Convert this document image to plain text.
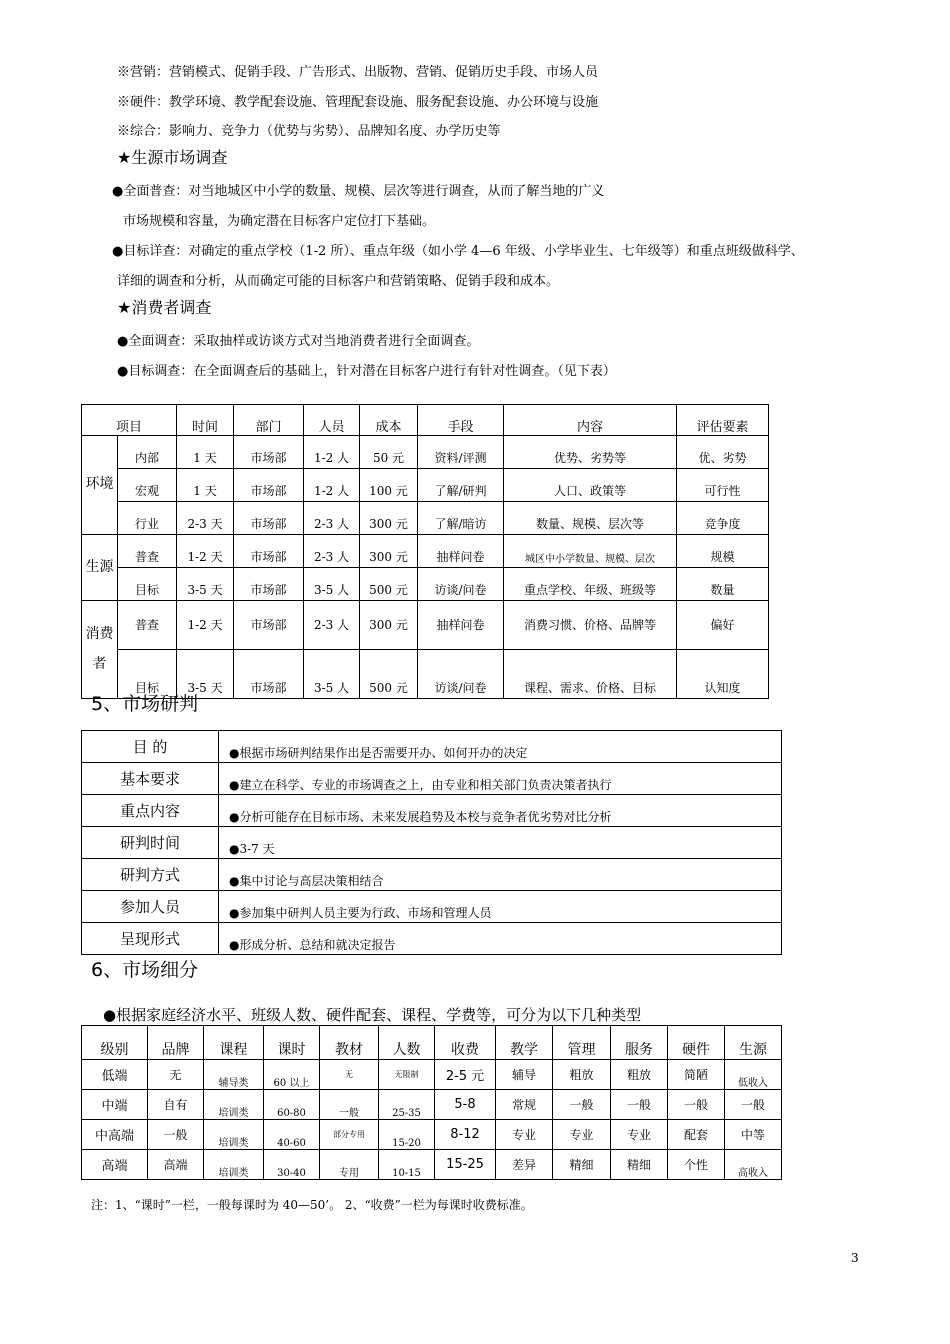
※营销：营销模式、促销手段、广告形式、出版物、营销、促销历史手段、市场人员
※硬件：教学环境、教学配套设施、管理配套设施、服务配套设施、办公环境与设施
※综合：影响力、竞争力（优势与劣势）、品牌知名度、办学历史等
★生源市场调查
●全面普查：对当地城区中小学的数量、规模、层次等进行调查，从而了解当地的广义
市场规模和容量，为确定潜在目标客户定位打下基础。
●目标详查：对确定的重点学校（1-2 所）、重点年级（如小学 4—6 年级、小学毕业生、七年级等）和重点班级做科学、
详细的调查和分析，从而确定可能的目标客户和营销策略、促销手段和成本。
★消费者调查
●全面调查：采取抽样或访谈方式对当地消费者进行全面调查。
●目标调查：在全面调查后的基础上，针对潜在目标客户进行有针对性调查。（见下表）
项目		时间	部门	人员	成本	手段	内容	评估要素
环境	内部	1 天	市场部	1-2 人	50 元	资料/评测	优势、劣势等	优、劣势
	宏观	1 天	市场部	1-2 人	100 元	了解/研判	人口、政策等	可行性
	行业	2-3 天	市场部	2-3 人	300 元	了解/暗访	数量、规模、层次等	竞争度
生源	普查	1-2 天	市场部	2-3 人	300 元	抽样问卷	城区中小学数量、规模、层次	规模
	目标	3-5 天	市场部	3-5 人	500 元	访谈/问卷	重点学校、年级、班级等	数量
消费者	普查	1-2 天	市场部	2-3 人	300 元	抽样问卷	消费习惯、价格、品牌等	偏好
	目标	3-5 天	市场部	3-5 人	500 元	访谈/问卷	课程、需求、价格、目标	认知度
5、市场研判
目 的	●根据市场研判结果作出是否需要开办、如何开办的决定
基本要求	●建立在科学、专业的市场调查之上，由专业和相关部门负责决策者执行
重点内容	●分析可能存在目标市场、未来发展趋势及本校与竞争者优劣势对比分析
研判时间	●3-7 天
研判方式	●集中讨论与高层决策相结合
参加人员	●参加集中研判人员主要为行政、市场和管理人员
呈现形式	●形成分析、总结和就决定报告
6、市场细分
●根据家庭经济水平、班级人数、硬件配套、课程、学费等，可分为以下几种类型
级别	品牌	课程	课时	教材	人数	收费	教学	管理	服务	硬件	生源
低端	无	辅导类	60 以上	无	无限制	2-5 元	辅导	粗放	粗放	简陋	低收入
中端	自有	培训类	60-80	一般	25-35	5-8	常规	一般	一般	一般	一般
中高端	一般	培训类	40-60	部分专用	15-20	8-12	专业	专业	专业	配套	中等
高端	高端	培训类	30-40	专用	10-15	15-25	差异	精细	精细	个性	高收入
注：1、“课时”一栏，一般每课时为 40—50’。 2、“收费”一栏为每课时收费标准。
3
